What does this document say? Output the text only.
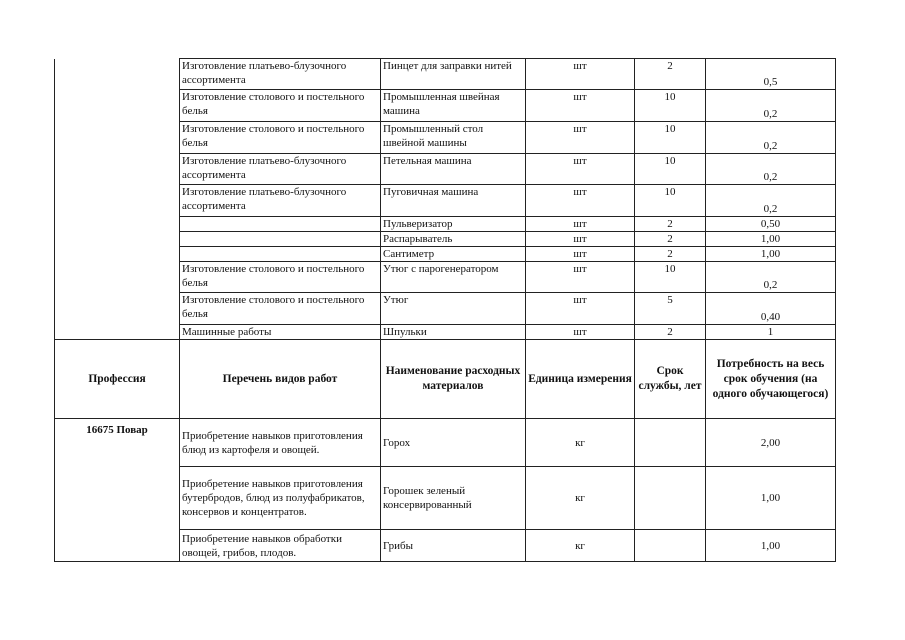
	Изготовление платьево-блузочного ассортимента	Пинцет для заправки нитей	шт	2	0,5
	Изготовление столового и постельного белья	Промышленная швейная машина	шт	10	0,2
	Изготовление столового и постельного белья	Промышленный стол швейной машины	шт	10	0,2
	Изготовление платьево-блузочного ассортимента	Петельная машина	шт	10	0,2
	Изготовление платьево-блузочного ассортимента	Пуговичная машина	шт	10	0,2
		Пульверизатор	шт	2	0,50
		Распарыватель	шт	2	1,00
		Сантиметр	шт	2	1,00
	Изготовление столового и постельного белья	Утюг с парогенератором	шт	10	0,2
	Изготовление столового и постельного белья	Утюг	шт	5	0,40
	Машинные работы	Шпульки	шт	2	1
Профессия	Перечень видов работ	Наименование расходных материалов	Единица измерения	Срок службы, лет	Потребность на весь срок обучения (на одного обучающегося)
16675 Повар	Приобретение навыков приготовления блюд из картофеля и овощей.	Горох	кг		2,00
	Приобретение навыков приготовления бутербродов, блюд из полуфабрикатов, консервов и концентратов.	Горошек зеленый консервированный	кг		1,00
	Приобретение навыков обработки овощей, грибов, плодов.	Грибы	кг		1,00
